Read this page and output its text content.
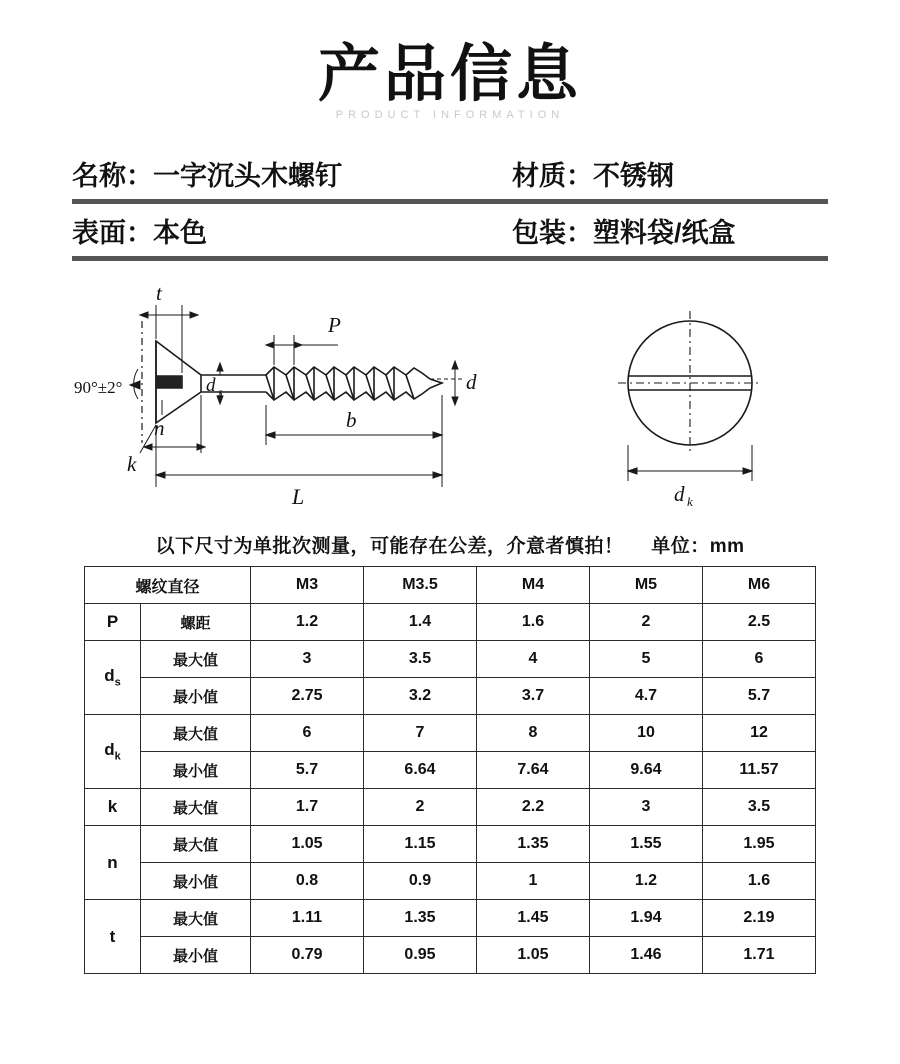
产品信息
PRODUCT INFORMATION
名称：一字沉头木螺钉	材质：不锈钢
表面：本色	包装：塑料袋/纸盒
t
P
90°±2°	d s	d
n
k
b
L	d k
以下尺寸为单批次测量，可能存在公差，介意者慎拍！ 单位：mm
螺纹直径		M3	M3.5	M4	M5	M6
P	螺距	1.2	1.4	1.6	2	2.5
$d_s$	最大值	3	3.5	4	5	6
	最小值	2.75	3.2	3.7	4.7	5.7
$d_k$	最大值	6	7	8	10	12
	最小值	5.7	6.64	7.64	9.64	11.57
k	最大值	1.7	2	2.2	3	3.5
n	最大值	1.05	1.15	1.35	1.55	1.95
	最小值	0.8	0.9	1	1.2	1.6
t	最大值	1.11	1.35	1.45	1.94	2.19
	最小值	0.79	0.95	1.05	1.46	1.71
